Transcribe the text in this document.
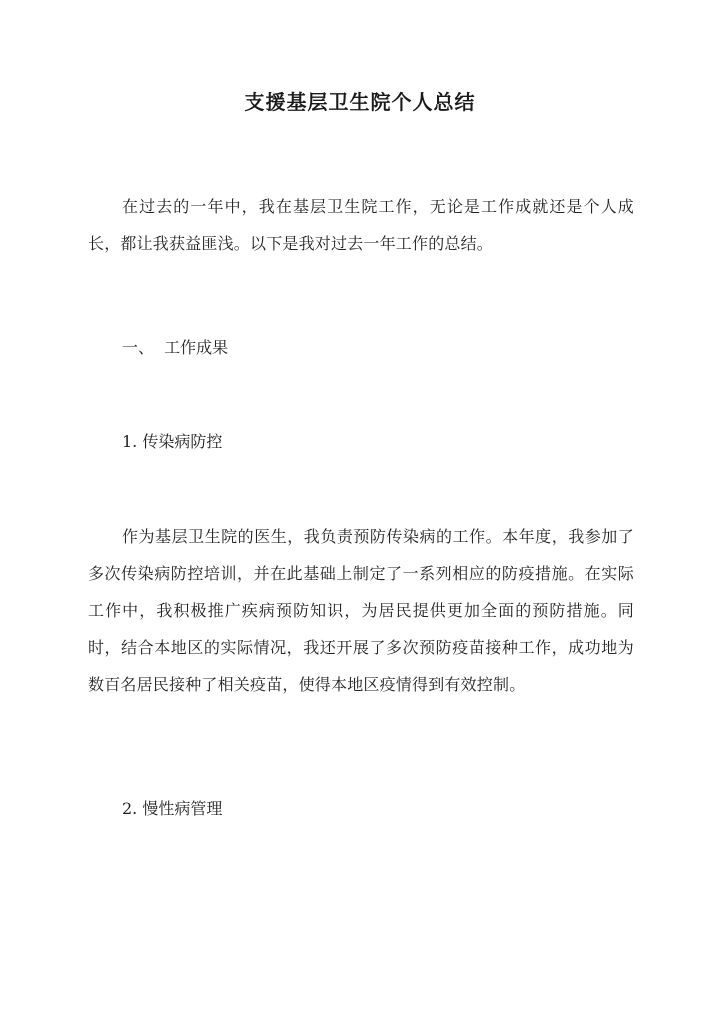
支援基层卫生院个人总结
在过去的一年中，我在基层卫生院工作，无论是工作成就还是个人成长，都让我获益匪浅。以下是我对过去一年工作的总结。
一、  工作成果
1. 传染病防控
作为基层卫生院的医生，我负责预防传染病的工作。本年度，我参加了多次传染病防控培训，并在此基础上制定了一系列相应的防疫措施。在实际工作中，我积极推广疾病预防知识，为居民提供更加全面的预防措施。同时，结合本地区的实际情况，我还开展了多次预防疫苗接种工作，成功地为数百名居民接种了相关疫苗，使得本地区疫情得到有效控制。
2. 慢性病管理
